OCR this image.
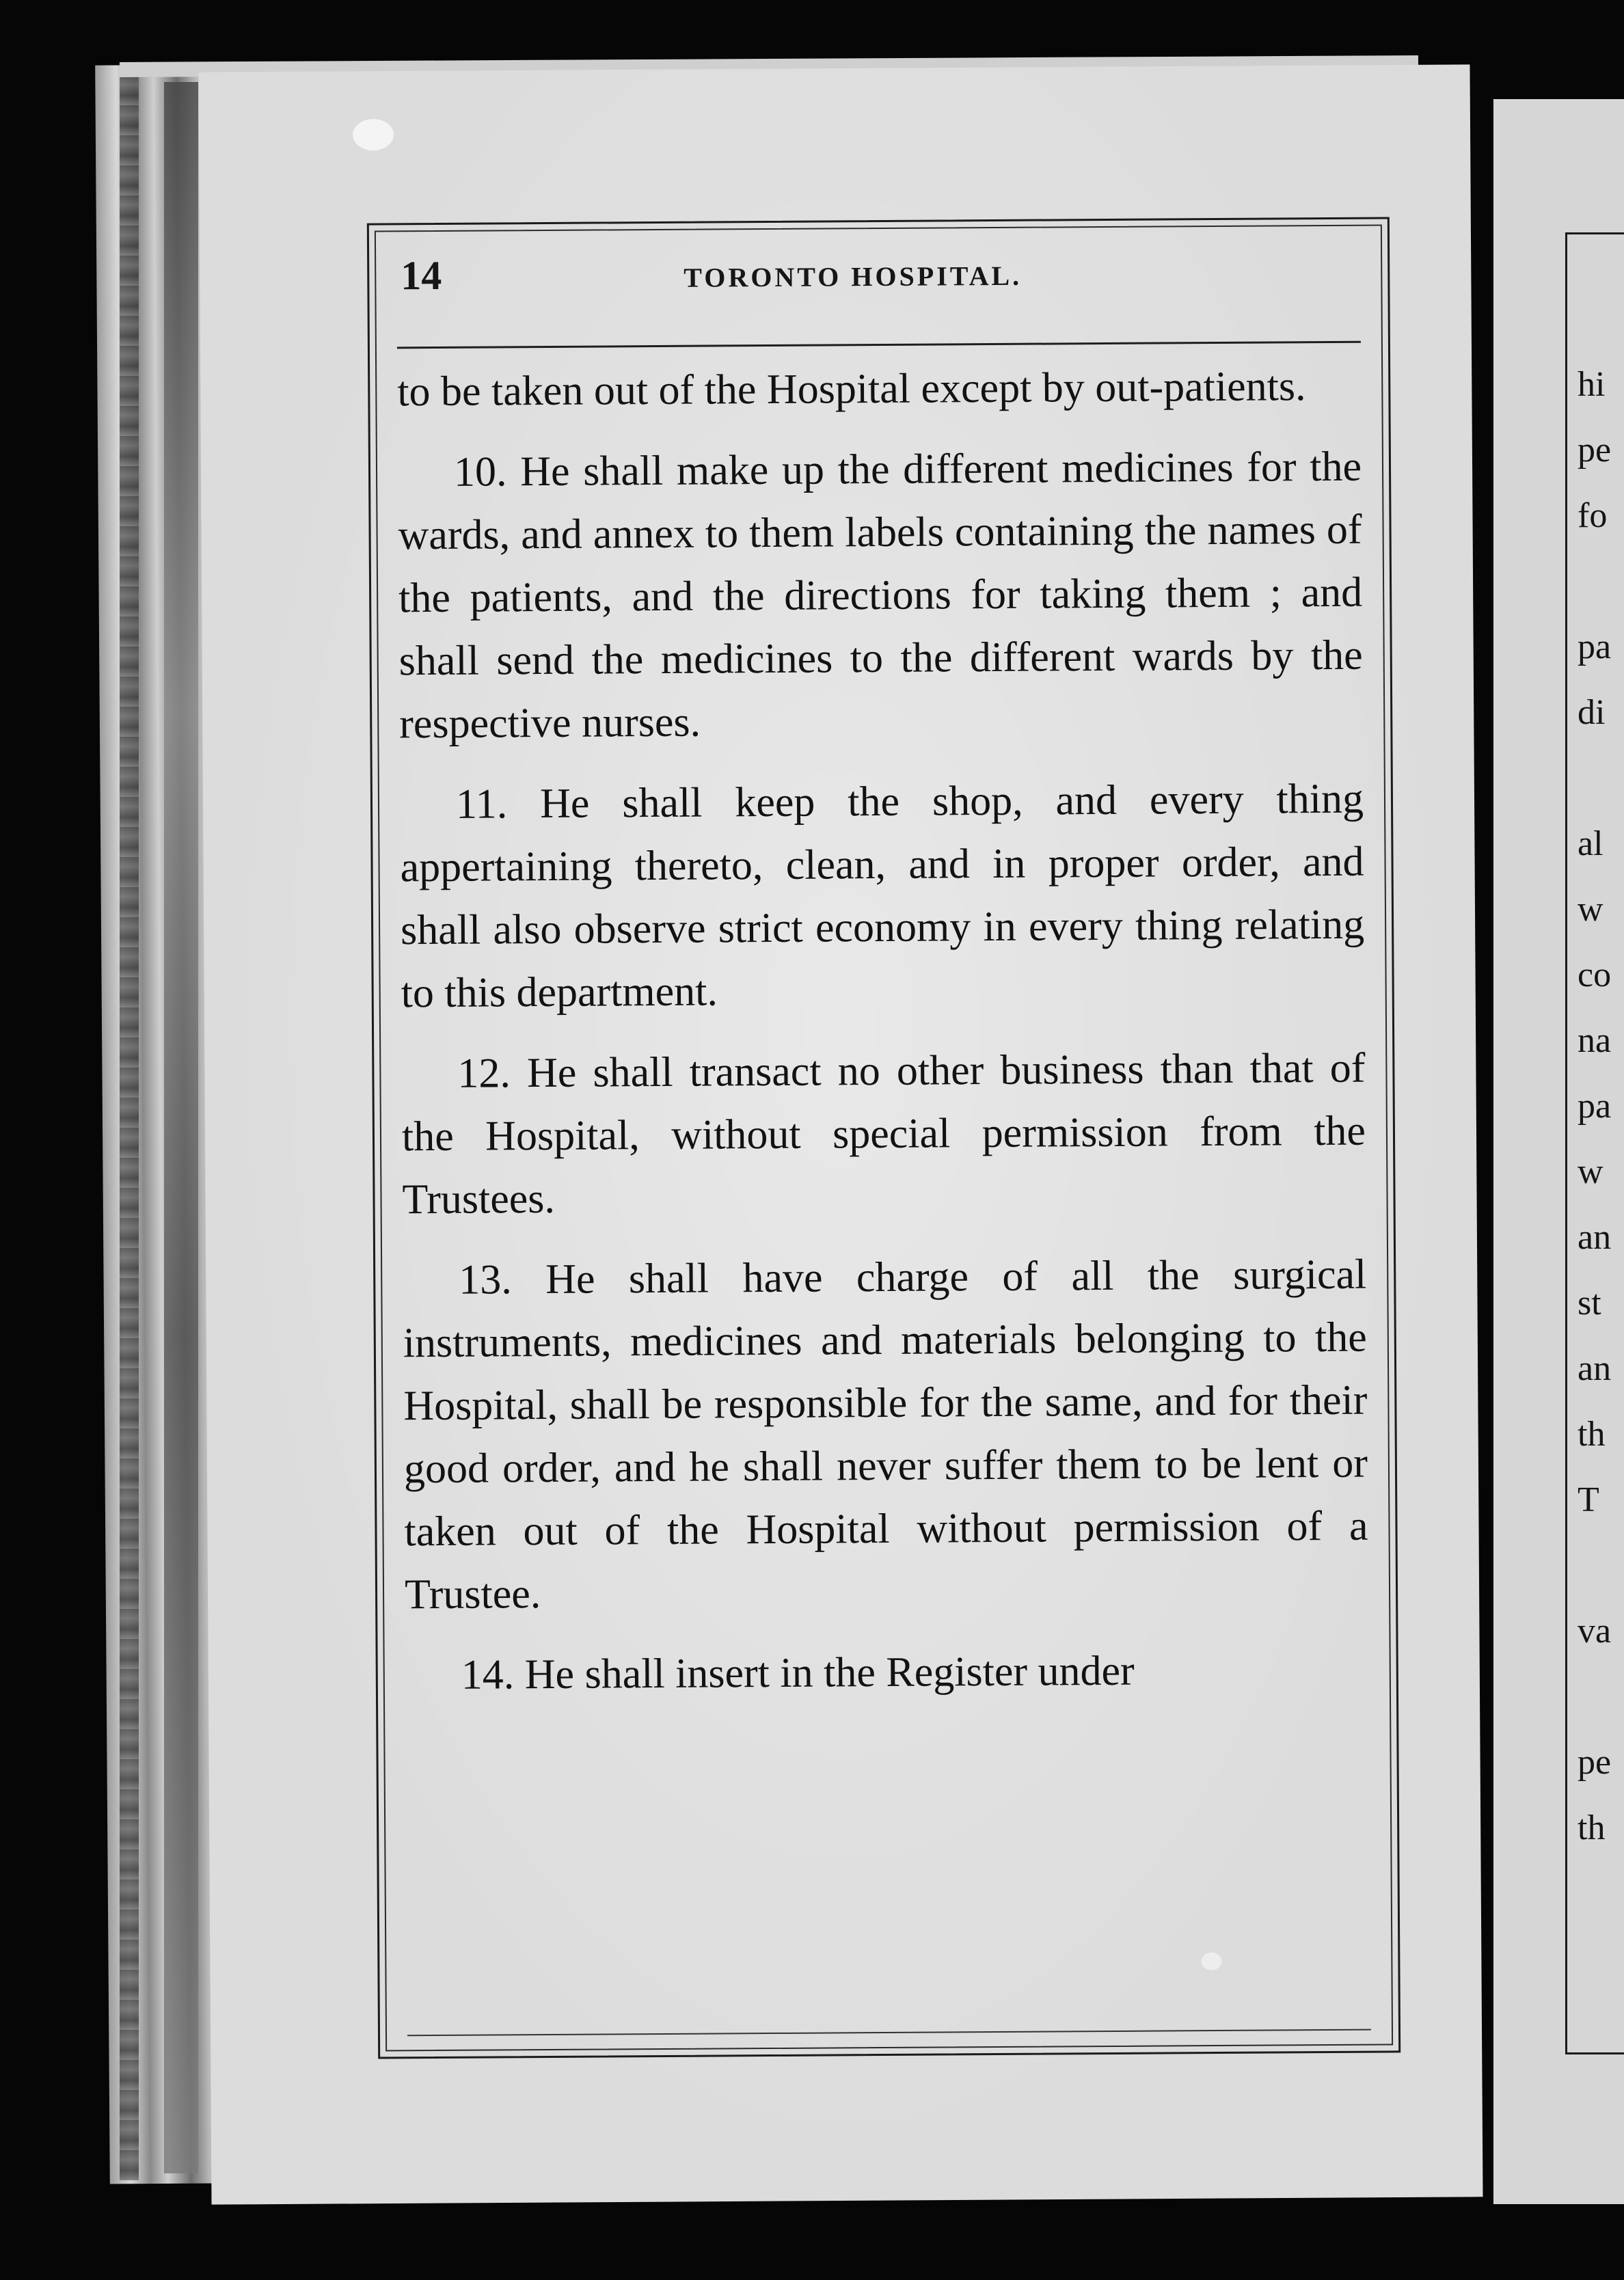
hi
pe
fo

pa
di

al
w
co
na
pa
w
an
st
an
th
T

va

pe
th
14	TORONTO HOSPITAL.

to be taken out of the Hospital except by out-patients.

10. He shall make up the different medicines for the wards, and annex to them labels containing the names of the patients, and the directions for taking them ; and shall send the medicines to the different wards by the respective nurses.

11. He shall keep the shop, and every thing appertaining thereto, clean, and in proper order, and shall also observe strict economy in every thing relating to this department.

12. He shall transact no other business than that of the Hospital, without special permission from the Trustees.

13. He shall have charge of all the surgical instruments, medicines and materials belonging to the Hospital, shall be responsible for the same, and for their good order, and he shall never suffer them to be lent or taken out of the Hospital without permission of a Trustee.

14. He shall insert in the Register under
